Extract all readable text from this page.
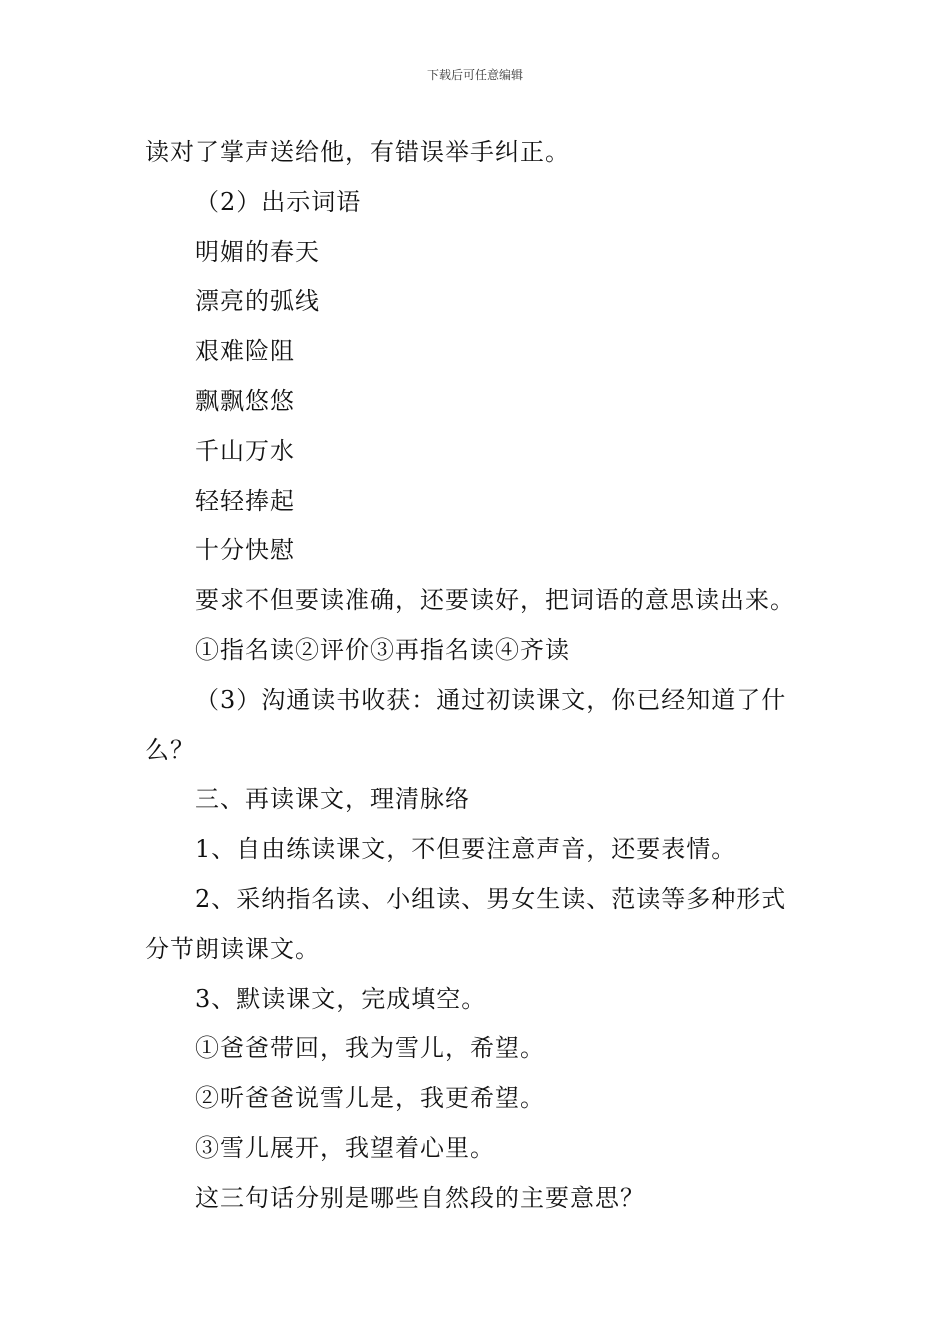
下载后可任意编辑

读对了掌声送给他，有错误举手纠正。

（2）出示词语

明媚的春天

漂亮的弧线

艰难险阻

飘飘悠悠

千山万水

轻轻捧起

十分快慰

要求不但要读准确，还要读好，把词语的意思读出来。

①指名读②评价③再指名读④齐读

（3）沟通读书收获：通过初读课文，你已经知道了什

么？

三、再读课文，理清脉络

1、自由练读课文，不但要注意声音，还要表情。

2、采纳指名读、小组读、男女生读、范读等多种形式

分节朗读课文。

3、默读课文，完成填空。

①爸爸带回，我为雪儿，希望。

②听爸爸说雪儿是，我更希望。

③雪儿展开，我望着心里。

这三句话分别是哪些自然段的主要意思？
